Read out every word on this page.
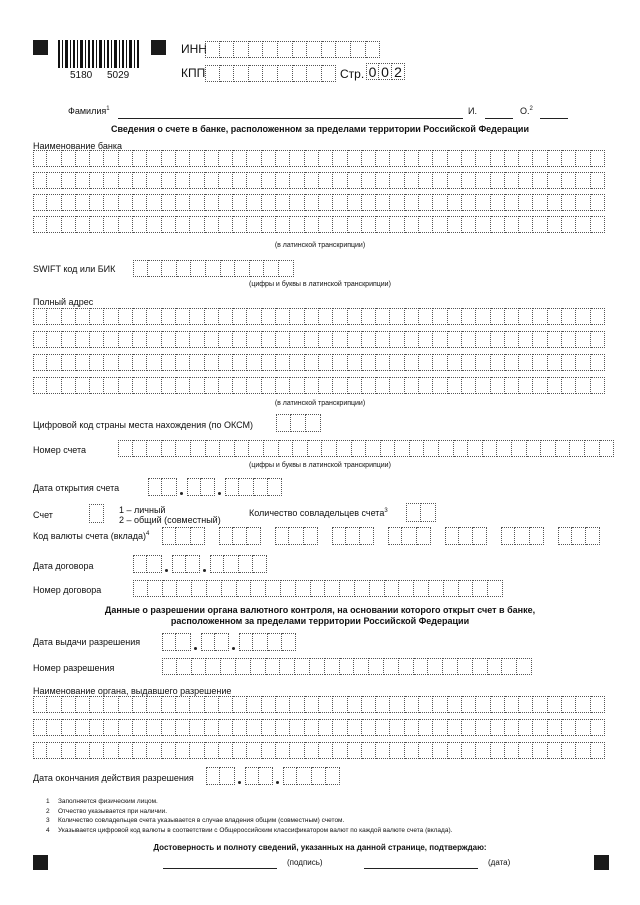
5180 5029
ИНН
КПП	Стр. 0 0 2
Фамилия$^1$	И.	О.$^2$
Сведения о счете в банке, расположенном за пределами территории Российской Федерации
Наименование банка
(в латинской транскрипции)
SWIFT код или БИК
(цифры и буквы в латинской транскрипции)
Полный адрес
(в латинской транскрипции)
Цифровой код страны места нахождения (по ОКСМ)
Номер счета
(цифры и буквы в латинской транскрипции)
Дата открытия счета
Счет	1 – личный
2 – общий (совместный)
Количество совладельцев счета$^3$
Код валюты счета (вклада)$^4$
Дата договора
Номер договора
Данные о разрешении органа валютного контроля, на основании которого открыт счет в банке,
расположенном за пределами территории Российской Федерации
Дата выдачи разрешения
Номер разрешения
Наименование органа, выдавшего разрешение
Дата окончания действия разрешения
1 Заполняется физическим лицом.
2 Отчество указывается при наличии.
3 Количество совладельцев счета указывается в случае владения общим (совместным) счетом.
4 Указывается цифровой код валюты в соответствии с Общероссийским классификатором валют по каждой валюте счета (вклада).
Достоверность и полноту сведений, указанных на данной странице, подтверждаю:
(подпись)	(дата)
